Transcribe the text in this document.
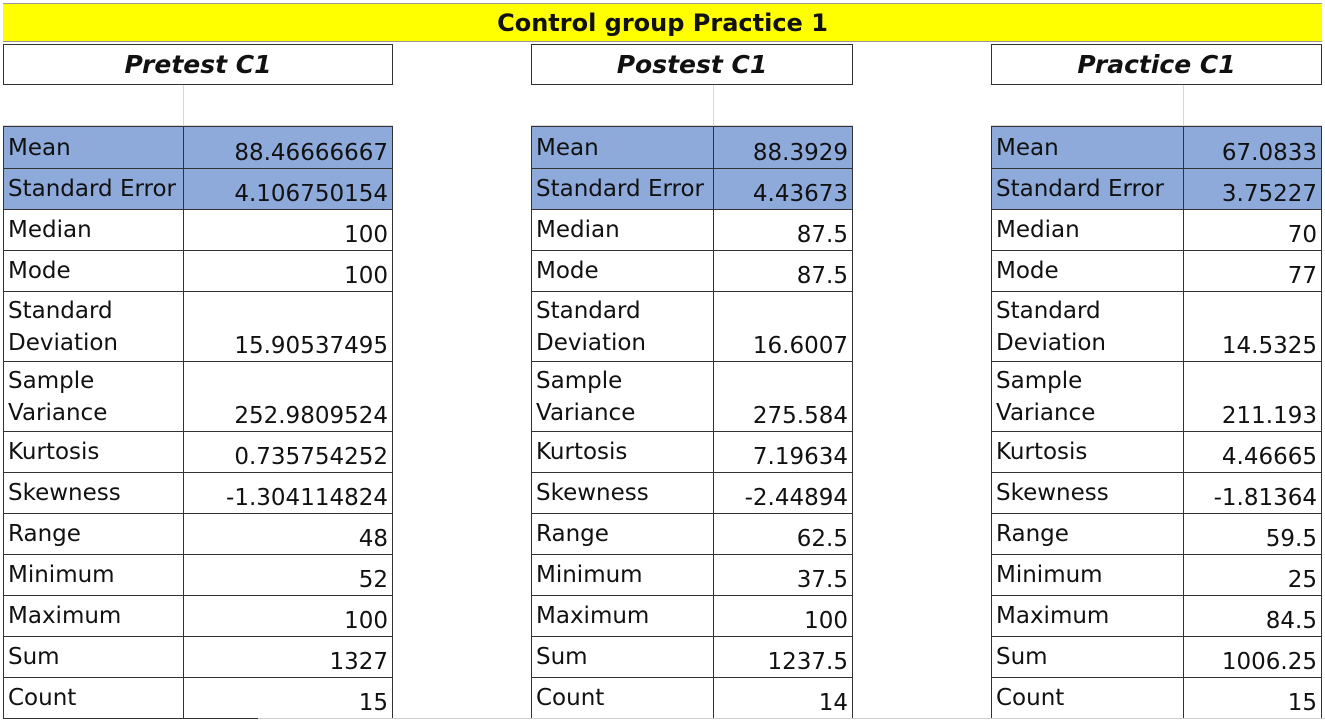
Control group Practice 1
Pretest C1
Mean	88.46666667
Standard Error	4.106750154
Median	100
Mode	100
Standard Deviation	15.90537495
Sample Variance	252.9809524
Kurtosis	0.735754252
Skewness	-1.304114824
Range	48
Minimum	52
Maximum	100
Sum	1327
Count	15
Postest C1
Mean	88.3929
Standard Error	4.43673
Median	87.5
Mode	87.5
Standard Deviation	16.6007
Sample Variance	275.584
Kurtosis	7.19634
Skewness	-2.44894
Range	62.5
Minimum	37.5
Maximum	100
Sum	1237.5
Count	14
Practice C1
Mean	67.0833
Standard Error	3.75227
Median	70
Mode	77
Standard Deviation	14.5325
Sample Variance	211.193
Kurtosis	4.46665
Skewness	-1.81364
Range	59.5
Minimum	25
Maximum	84.5
Sum	1006.25
Count	15
